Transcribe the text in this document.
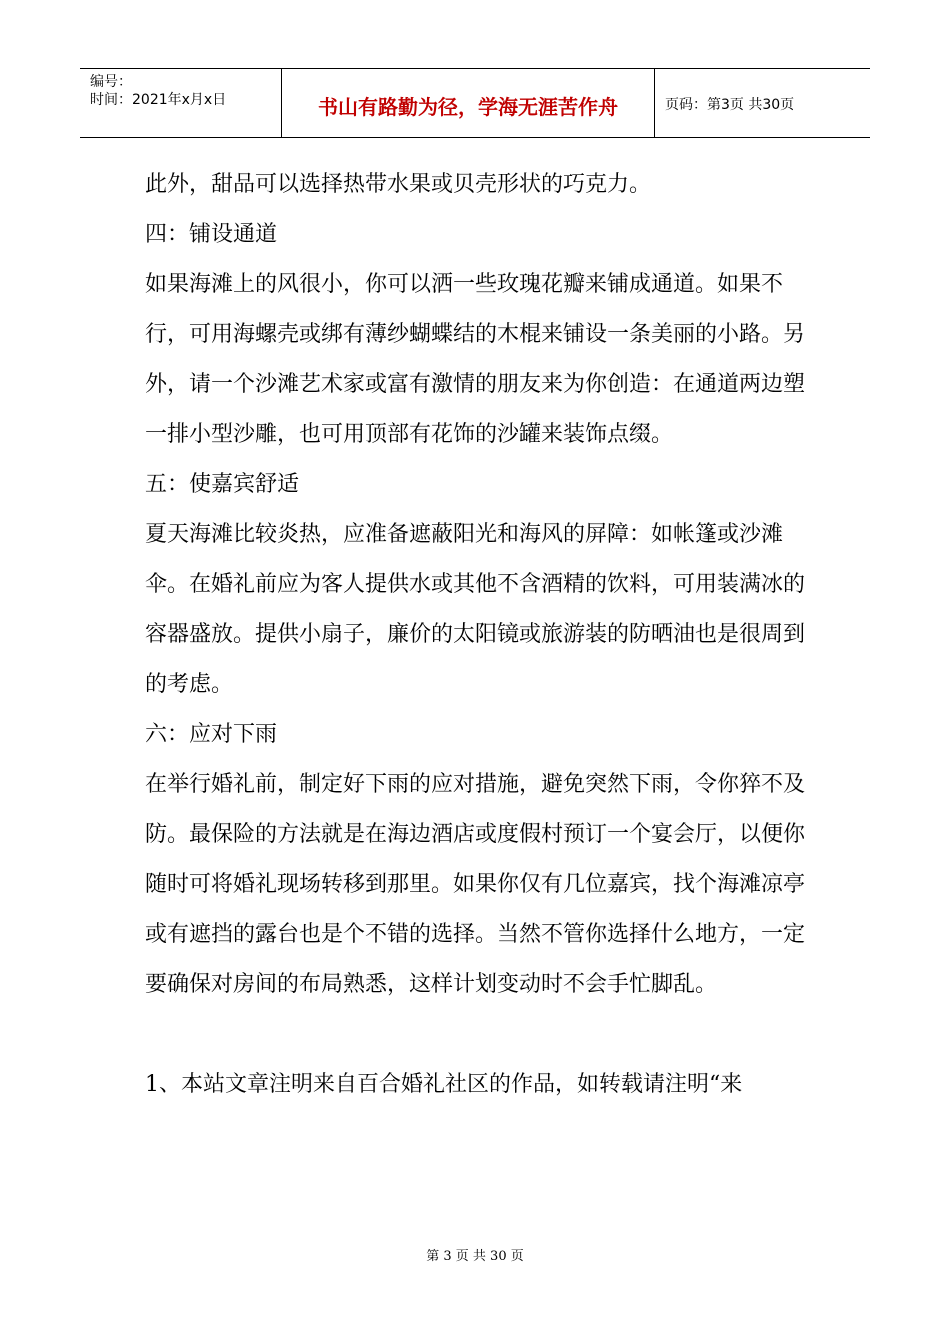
编号：
时间：2021年x月x日	书山有路勤为径，学海无涯苦作舟	页码：第3页 共30页

此外，甜品可以选择热带水果或贝壳形状的巧克力。

四：铺设通道

如果海滩上的风很小，你可以洒一些玫瑰花瓣来铺成通道。如果不行，可用海螺壳或绑有薄纱蝴蝶结的木棍来铺设一条美丽的小路。另外，请一个沙滩艺术家或富有激情的朋友来为你创造：在通道两边塑一排小型沙雕，也可用顶部有花饰的沙罐来装饰点缀。

五：使嘉宾舒适

夏天海滩比较炎热，应准备遮蔽阳光和海风的屏障：如帐篷或沙滩伞。在婚礼前应为客人提供水或其他不含酒精的饮料，可用装满冰的容器盛放。提供小扇子，廉价的太阳镜或旅游装的防晒油也是很周到的考虑。

六：应对下雨

在举行婚礼前，制定好下雨的应对措施，避免突然下雨，令你猝不及防。最保险的方法就是在海边酒店或度假村预订一个宴会厅，以便你随时可将婚礼现场转移到那里。如果你仅有几位嘉宾，找个海滩凉亭或有遮挡的露台也是个不错的选择。当然不管你选择什么地方，一定要确保对房间的布局熟悉，这样计划变动时不会手忙脚乱。

1、本站文章注明来自百合婚礼社区的作品，如转载请注明“来

第 3 页 共 30 页
